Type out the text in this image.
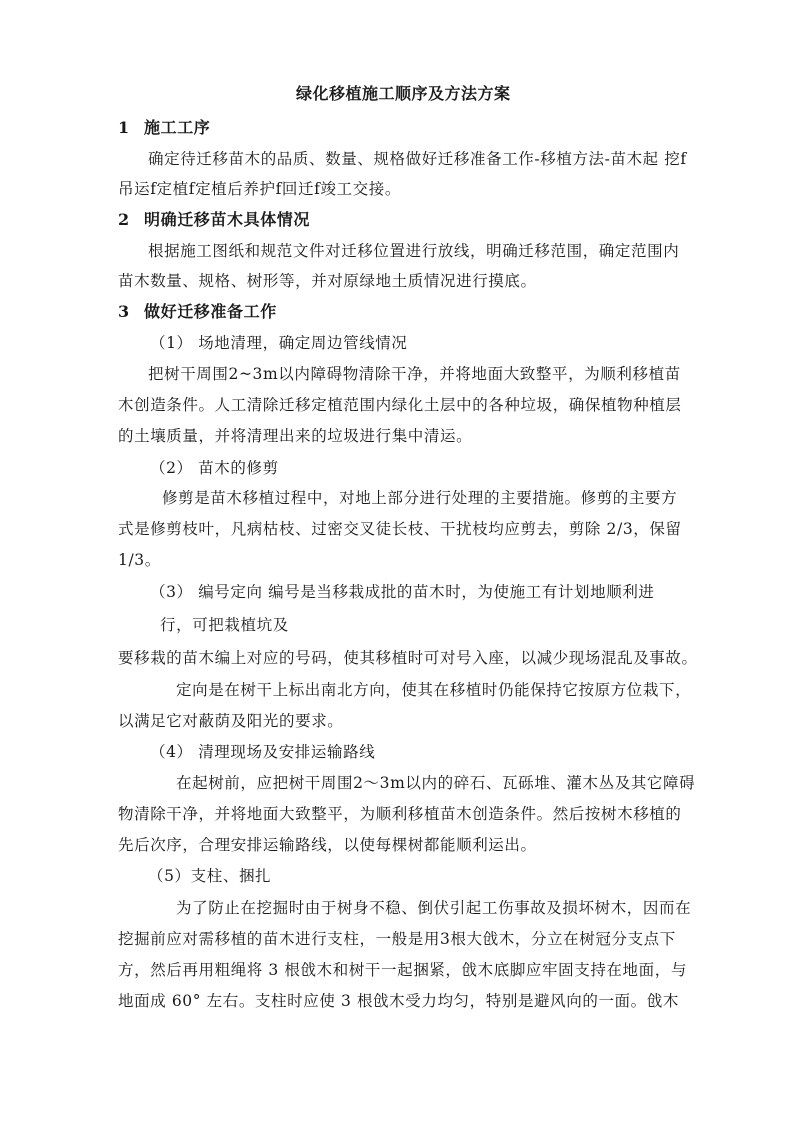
绿化移植施工顺序及方法方案
1 施工工序
确定待迁移苗木的品质、数量、规格做好迁移准备工作-移植方法-苗木起 挖f
吊运f定植f定植后养护f回迁f竣工交接。
2 明确迁移苗木具体情况
根据施工图纸和规范文件对迁移位置进行放线，明确迁移范围，确定范围内
苗木数量、规格、树形等，并对原绿地土质情况进行摸底。
3 做好迁移准备工作
（1） 场地清理，确定周边管线情况
把树干周围2~3m以内障碍物清除干净，并将地面大致整平，为顺利移植苗
木创造条件。人工清除迁移定植范围内绿化土层中的各种垃圾，确保植物种植层
的土壤质量，并将清理出来的垃圾进行集中清运。
（2） 苗木的修剪
修剪是苗木移植过程中，对地上部分进行处理的主要措施。修剪的主要方
式是修剪枝叶，凡病枯枝、过密交叉徒长枝、干扰枝均应剪去，剪除 2/3，保留
1/3。
（3） 编号定向 编号是当移栽成批的苗木时，为使施工有计划地顺利进
行，可把栽植坑及
要移栽的苗木编上对应的号码，使其移植时可对号入座，以减少现场混乱及事故。
定向是在树干上标出南北方向，使其在移植时仍能保持它按原方位栽下，
以满足它对蔽荫及阳光的要求。
（4） 清理现场及安排运输路线
在起树前，应把树干周围2～3m以内的碎石、瓦砾堆、灌木丛及其它障碍
物清除干净，并将地面大致整平，为顺利移植苗木创造条件。然后按树木移植的
先后次序，合理安排运输路线，以使每棵树都能顺利运出。
（5）支柱、捆扎
为了防止在挖掘时由于树身不稳、倒伏引起工伤事故及损坏树木，因而在
挖掘前应对需移植的苗木进行支柱，一般是用3根大戗木，分立在树冠分支点下
方，然后再用粗绳将 3 根戗木和树干一起捆紧，戗木底脚应牢固支持在地面，与
地面成 60° 左右。支柱时应使 3 根戗木受力均匀，特别是避风向的一面。戗木
